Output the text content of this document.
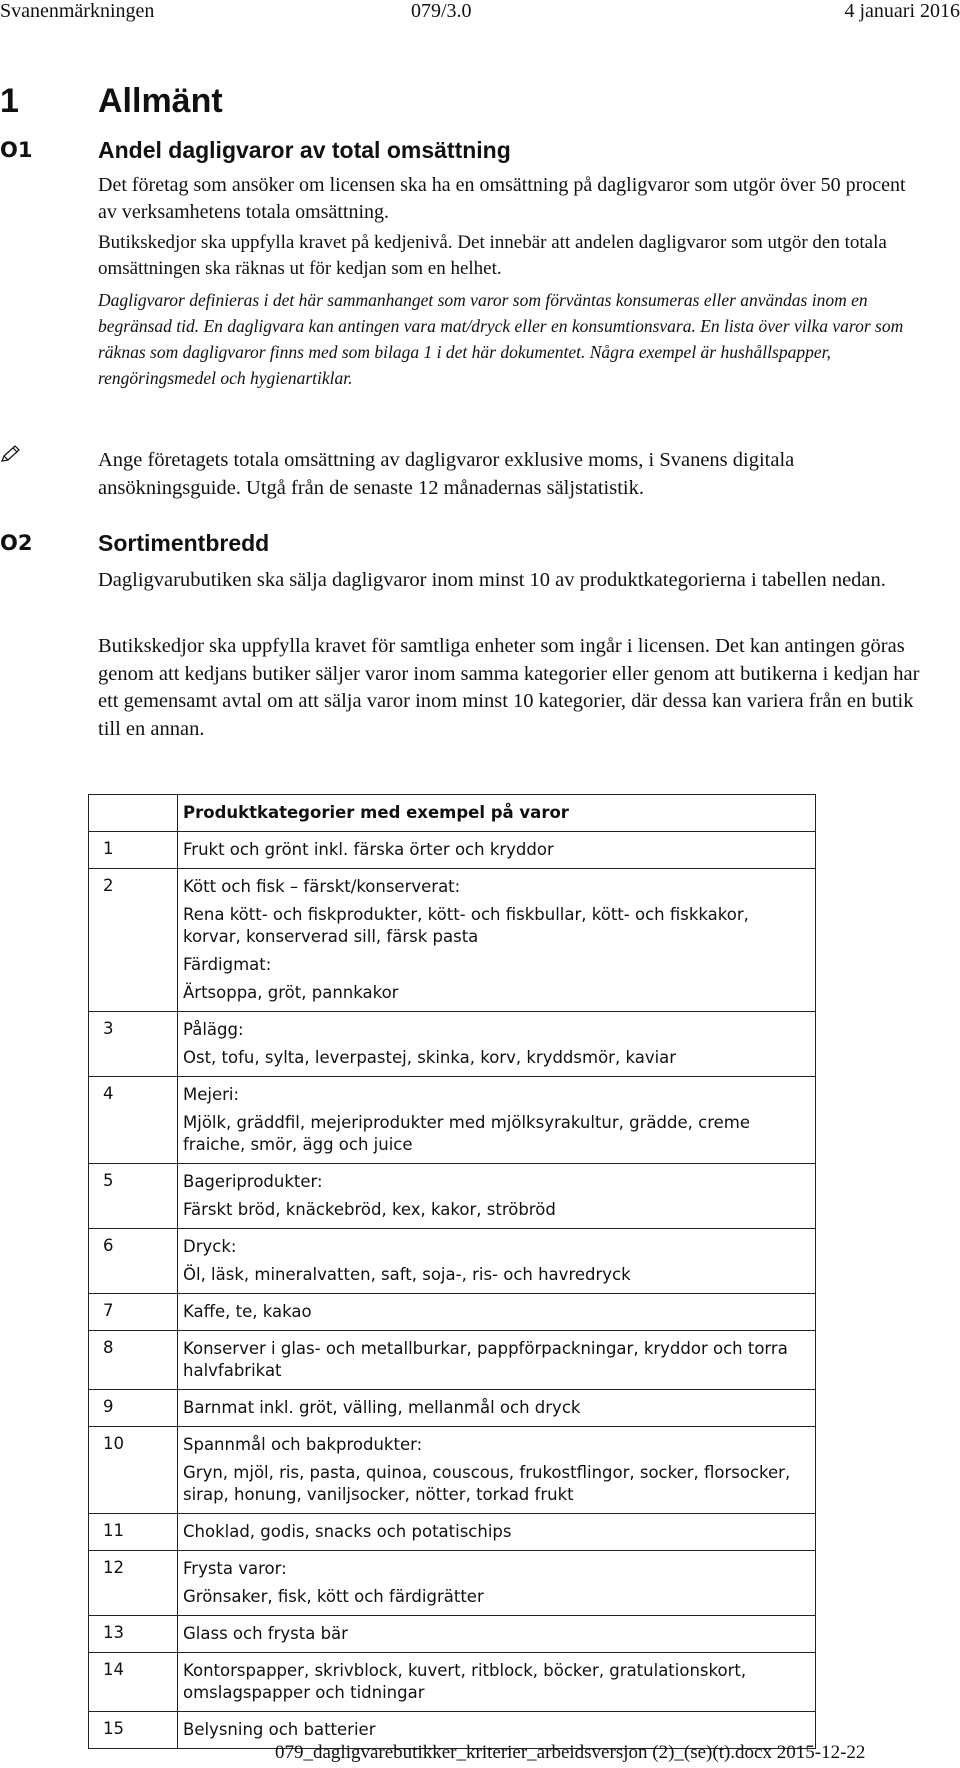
Svanenmärkningen	079/3.0	4 januari 2016
1 Allmänt
O1	Andel dagligvaror av total omsättning

Det företag som ansöker om licensen ska ha en omsättning på dagligvaror som utgör över 50 procent av verksamhetens totala omsättning.

Butikskedjor ska uppfylla kravet på kedjenivå. Det innebär att andelen dagligvaror som utgör den totala omsättningen ska räknas ut för kedjan som en helhet.

Dagligvaror definieras i det här sammanhanget som varor som förväntas konsumeras eller användas inom en begränsad tid. En dagligvara kan antingen vara mat/dryck eller en konsumtionsvara. En lista över vilka varor som räknas som dagligvaror finns med som bilaga 1 i det här dokumentet. Några exempel är hushållspapper, rengöringsmedel och hygienartiklar.

Ange företagets totala omsättning av dagligvaror exklusive moms, i Svanens digitala ansökningsguide. Utgå från de senaste 12 månadernas säljstatistik.

O2	Sortimentbredd

Dagligvarubutiken ska sälja dagligvaror inom minst 10 av produktkategorierna i tabellen nedan.

Butikskedjor ska uppfylla kravet för samtliga enheter som ingår i licensen. Det kan antingen göras genom att kedjans butiker säljer varor inom samma kategorier eller genom att butikerna i kedjan har ett gemensamt avtal om att sälja varor inom minst 10 kategorier, där dessa kan variera från en butik till en annan.

	Produktkategorier med exempel på varor
1	Frukt och grönt inkl. färska örter och kryddor
2	Kött och fisk – färskt/konserverat:
Rena kött- och fiskprodukter, kött- och fiskbullar, kött- och fiskkakor, korvar, konserverad sill, färsk pasta
Färdigmat:
Ärtsoppa, gröt, pannkakor

3	Pålägg:
Ost, tofu, sylta, leverpastej, skinka, korv, kryddsmör, kaviar

4	Mejeri:
Mjölk, gräddfil, mejeriprodukter med mjölksyrakultur, grädde, creme fraiche, smör, ägg och juice

5	Bageriprodukter:
Färskt bröd, knäckebröd, kex, kakor, ströbröd

6	Dryck:
Öl, läsk, mineralvatten, saft, soja-, ris- och havredryck

7	Kaffe, te, kakao
8	Konserver i glas- och metallburkar, pappförpackningar, kryddor och torra halvfabrikat
9	Barnmat inkl. gröt, välling, mellanmål och dryck
10	Spannmål och bakprodukter:
Gryn, mjöl, ris, pasta, quinoa, couscous, frukostflingor, socker, florsocker, sirap, honung, vaniljsocker, nötter, torkad frukt

11	Choklad, godis, snacks och potatischips
12	Frysta varor:
Grönsaker, fisk, kött och färdigrätter

13	Glass och frysta bär
14	Kontorspapper, skrivblock, kuvert, ritblock, böcker, gratulationskort, omslagspapper och tidningar
15	Belysning och batterier
079_dagligvarebutikker_kriterier_arbeidsversjon (2)_(se)(t).docx 2015-12-22
